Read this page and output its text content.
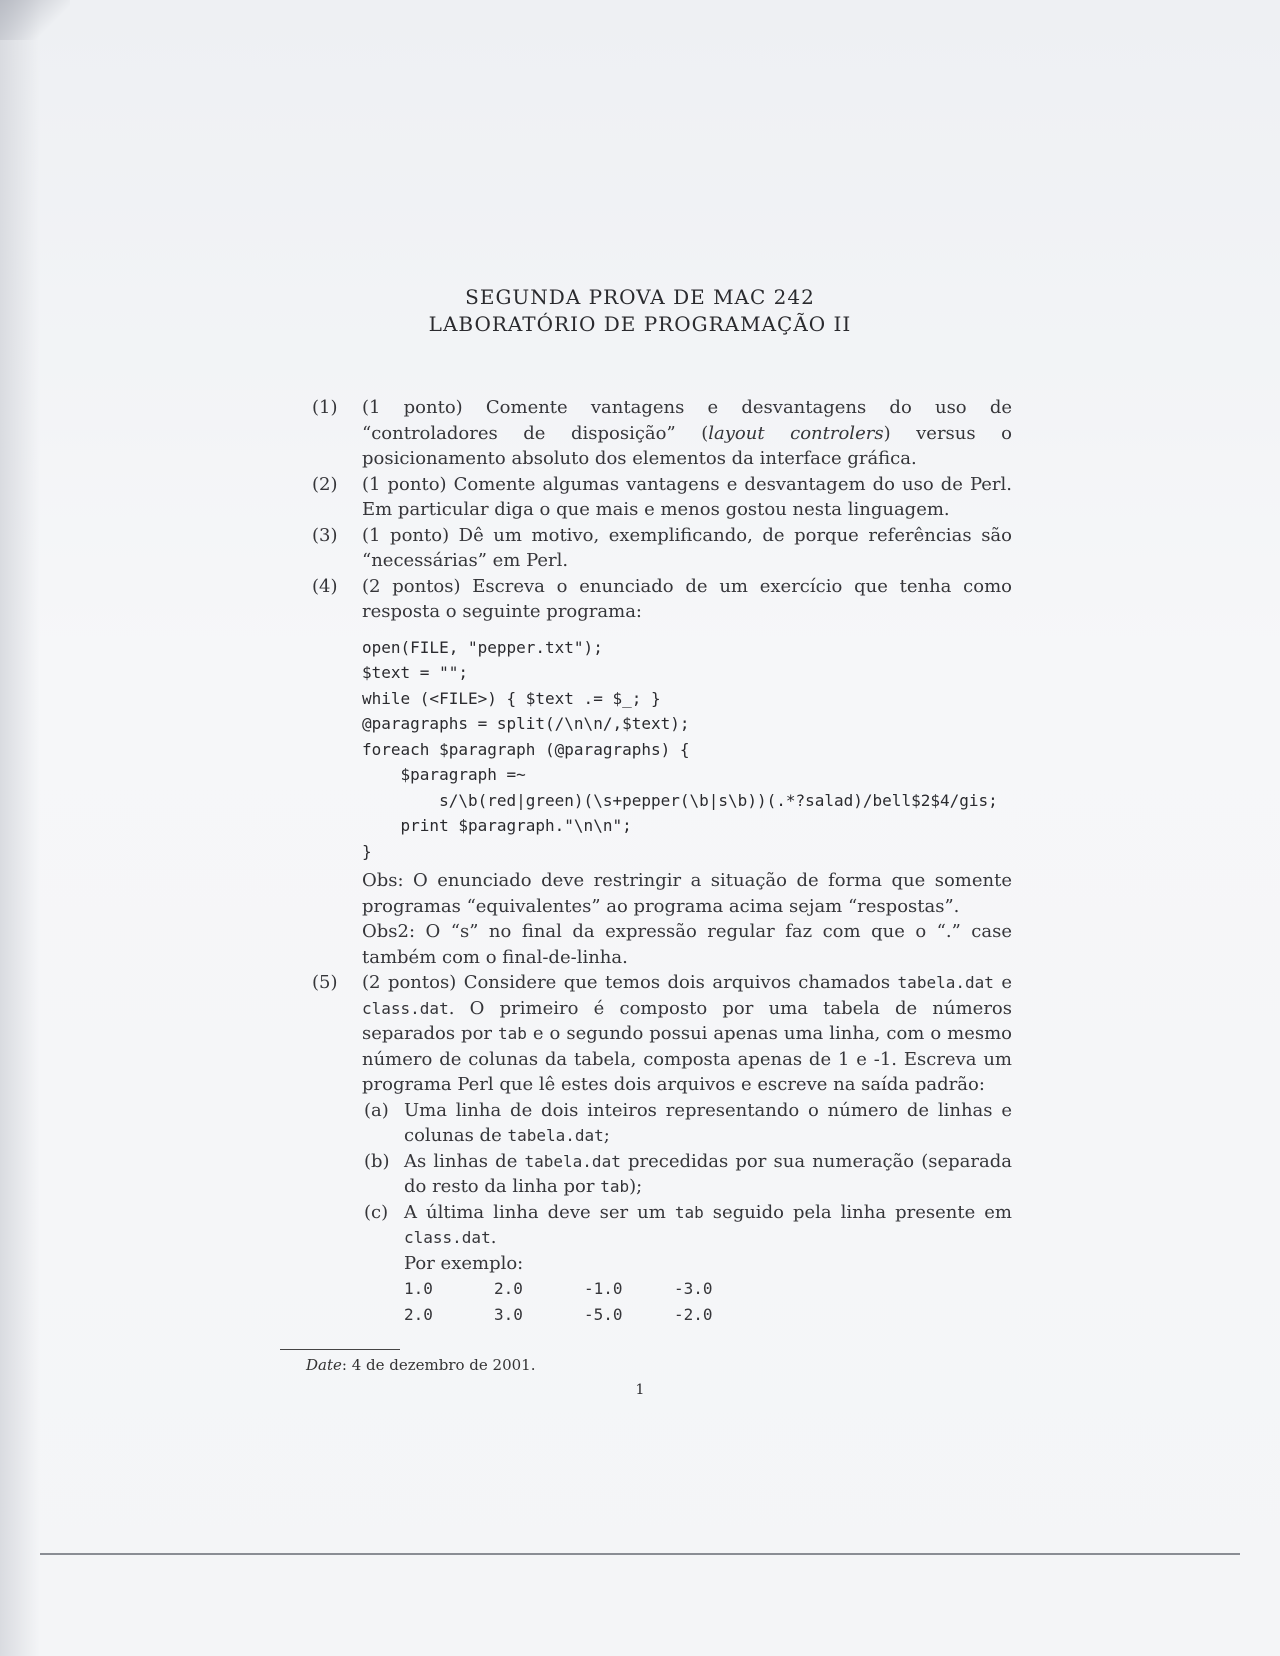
SEGUNDA PROVA DE MAC 242
LABORATÓRIO DE PROGRAMAÇÃO II
(1)	(1 ponto) Comente vantagens e desvantagens do uso de “controladores de disposição” (layout controlers) versus o posicionamento absoluto dos elementos da interface gráfica.
(2)	(1 ponto) Comente algumas vantagens e desvantagem do uso de Perl. Em particular diga o que mais e menos gostou nesta linguagem.
(3)	(1 ponto) Dê um motivo, exemplificando, de porque referências são “necessárias” em Perl.
(4)	(2 pontos) Escreva o enunciado de um exercício que tenha como resposta o seguinte programa:
open(FILE, "pepper.txt");
$text = "";
while (<FILE>) { $text .= $_; }
@paragraphs = split(/\n\n/,$text);
foreach $paragraph (@paragraphs) {
$paragraph =~
s/\b(red|green)(\s+pepper(\b|s\b))(.*?salad)/bell$2$4/gis;
print $paragraph."\n\n";
}
Obs: O enunciado deve restringir a situação de forma que somente programas “equivalentes” ao programa acima sejam “respostas”.
Obs2: O “s” no final da expressão regular faz com que o “.” case também com o final-de-linha.
(5)	(2 pontos) Considere que temos dois arquivos chamados tabela.dat e class.dat. O primeiro é composto por uma tabela de números separados por tab e o segundo possui apenas uma linha, com o mesmo número de colunas da tabela, composta apenas de 1 e -1. Escreva um programa Perl que lê estes dois arquivos e escreve na saída padrão:
(a) Uma linha de dois inteiros representando o número de linhas e colunas de tabela.dat;
(b) As linhas de tabela.dat precedidas por sua numeração (separada do resto da linha por tab);
(c) A última linha deve ser um tab seguido pela linha presente em class.dat.
Por exemplo:
1.0	2.0	-1.0	-3.0
2.0	3.0	-5.0	-2.0
Date: 4 de dezembro de 2001.
1
